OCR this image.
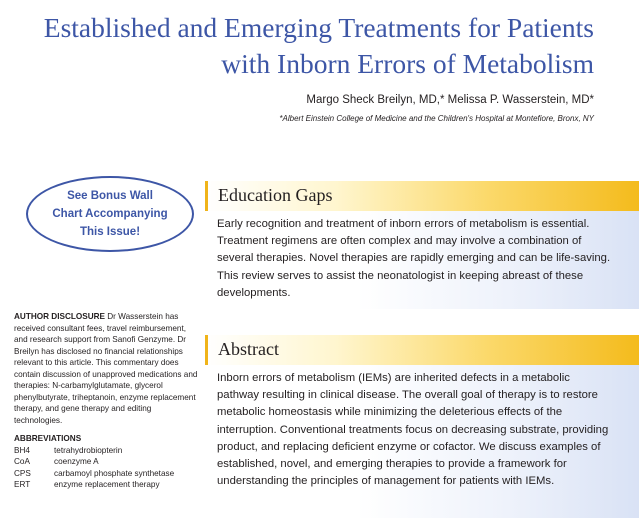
Established and Emerging Treatments for Patients
with Inborn Errors of Metabolism
Margo Sheck Breilyn, MD,* Melissa P. Wasserstein, MD*
*Albert Einstein College of Medicine and the Children's Hospital at Montefiore, Bronx, NY
See Bonus Wall
Chart Accompanying
This Issue!
AUTHOR DISCLOSURE Dr Wasserstein has received consultant fees, travel reimbursement, and research support from Sanofi Genzyme. Dr Breilyn has disclosed no financial relationships relevant to this article. This commentary does contain discussion of unapproved medications and therapies: N-carbamylglutamate, glycerol phenylbutyrate, triheptanoin, enzyme replacement therapy, and gene therapy and editing technologies.
ABBREVIATIONS
BH4	tetrahydrobiopterin
CoA	coenzyme A
CPS	carbamoyl phosphate synthetase
ERT	enzyme replacement therapy
Education Gaps

Early recognition and treatment of inborn errors of metabolism is essential. Treatment regimens are often complex and may involve a combination of several therapies. Novel therapies are rapidly emerging and can be life-saving. This review serves to assist the neonatologist in keeping abreast of these developments.

Abstract

Inborn errors of metabolism (IEMs) are inherited defects in a metabolic pathway resulting in clinical disease. The overall goal of therapy is to restore metabolic homeostasis while minimizing the deleterious effects of the interruption. Conventional treatments focus on decreasing substrate, providing product, and replacing deficient enzyme or cofactor. We discuss examples of established, novel, and emerging therapies to provide a framework for understanding the principles of management for patients with IEMs.
